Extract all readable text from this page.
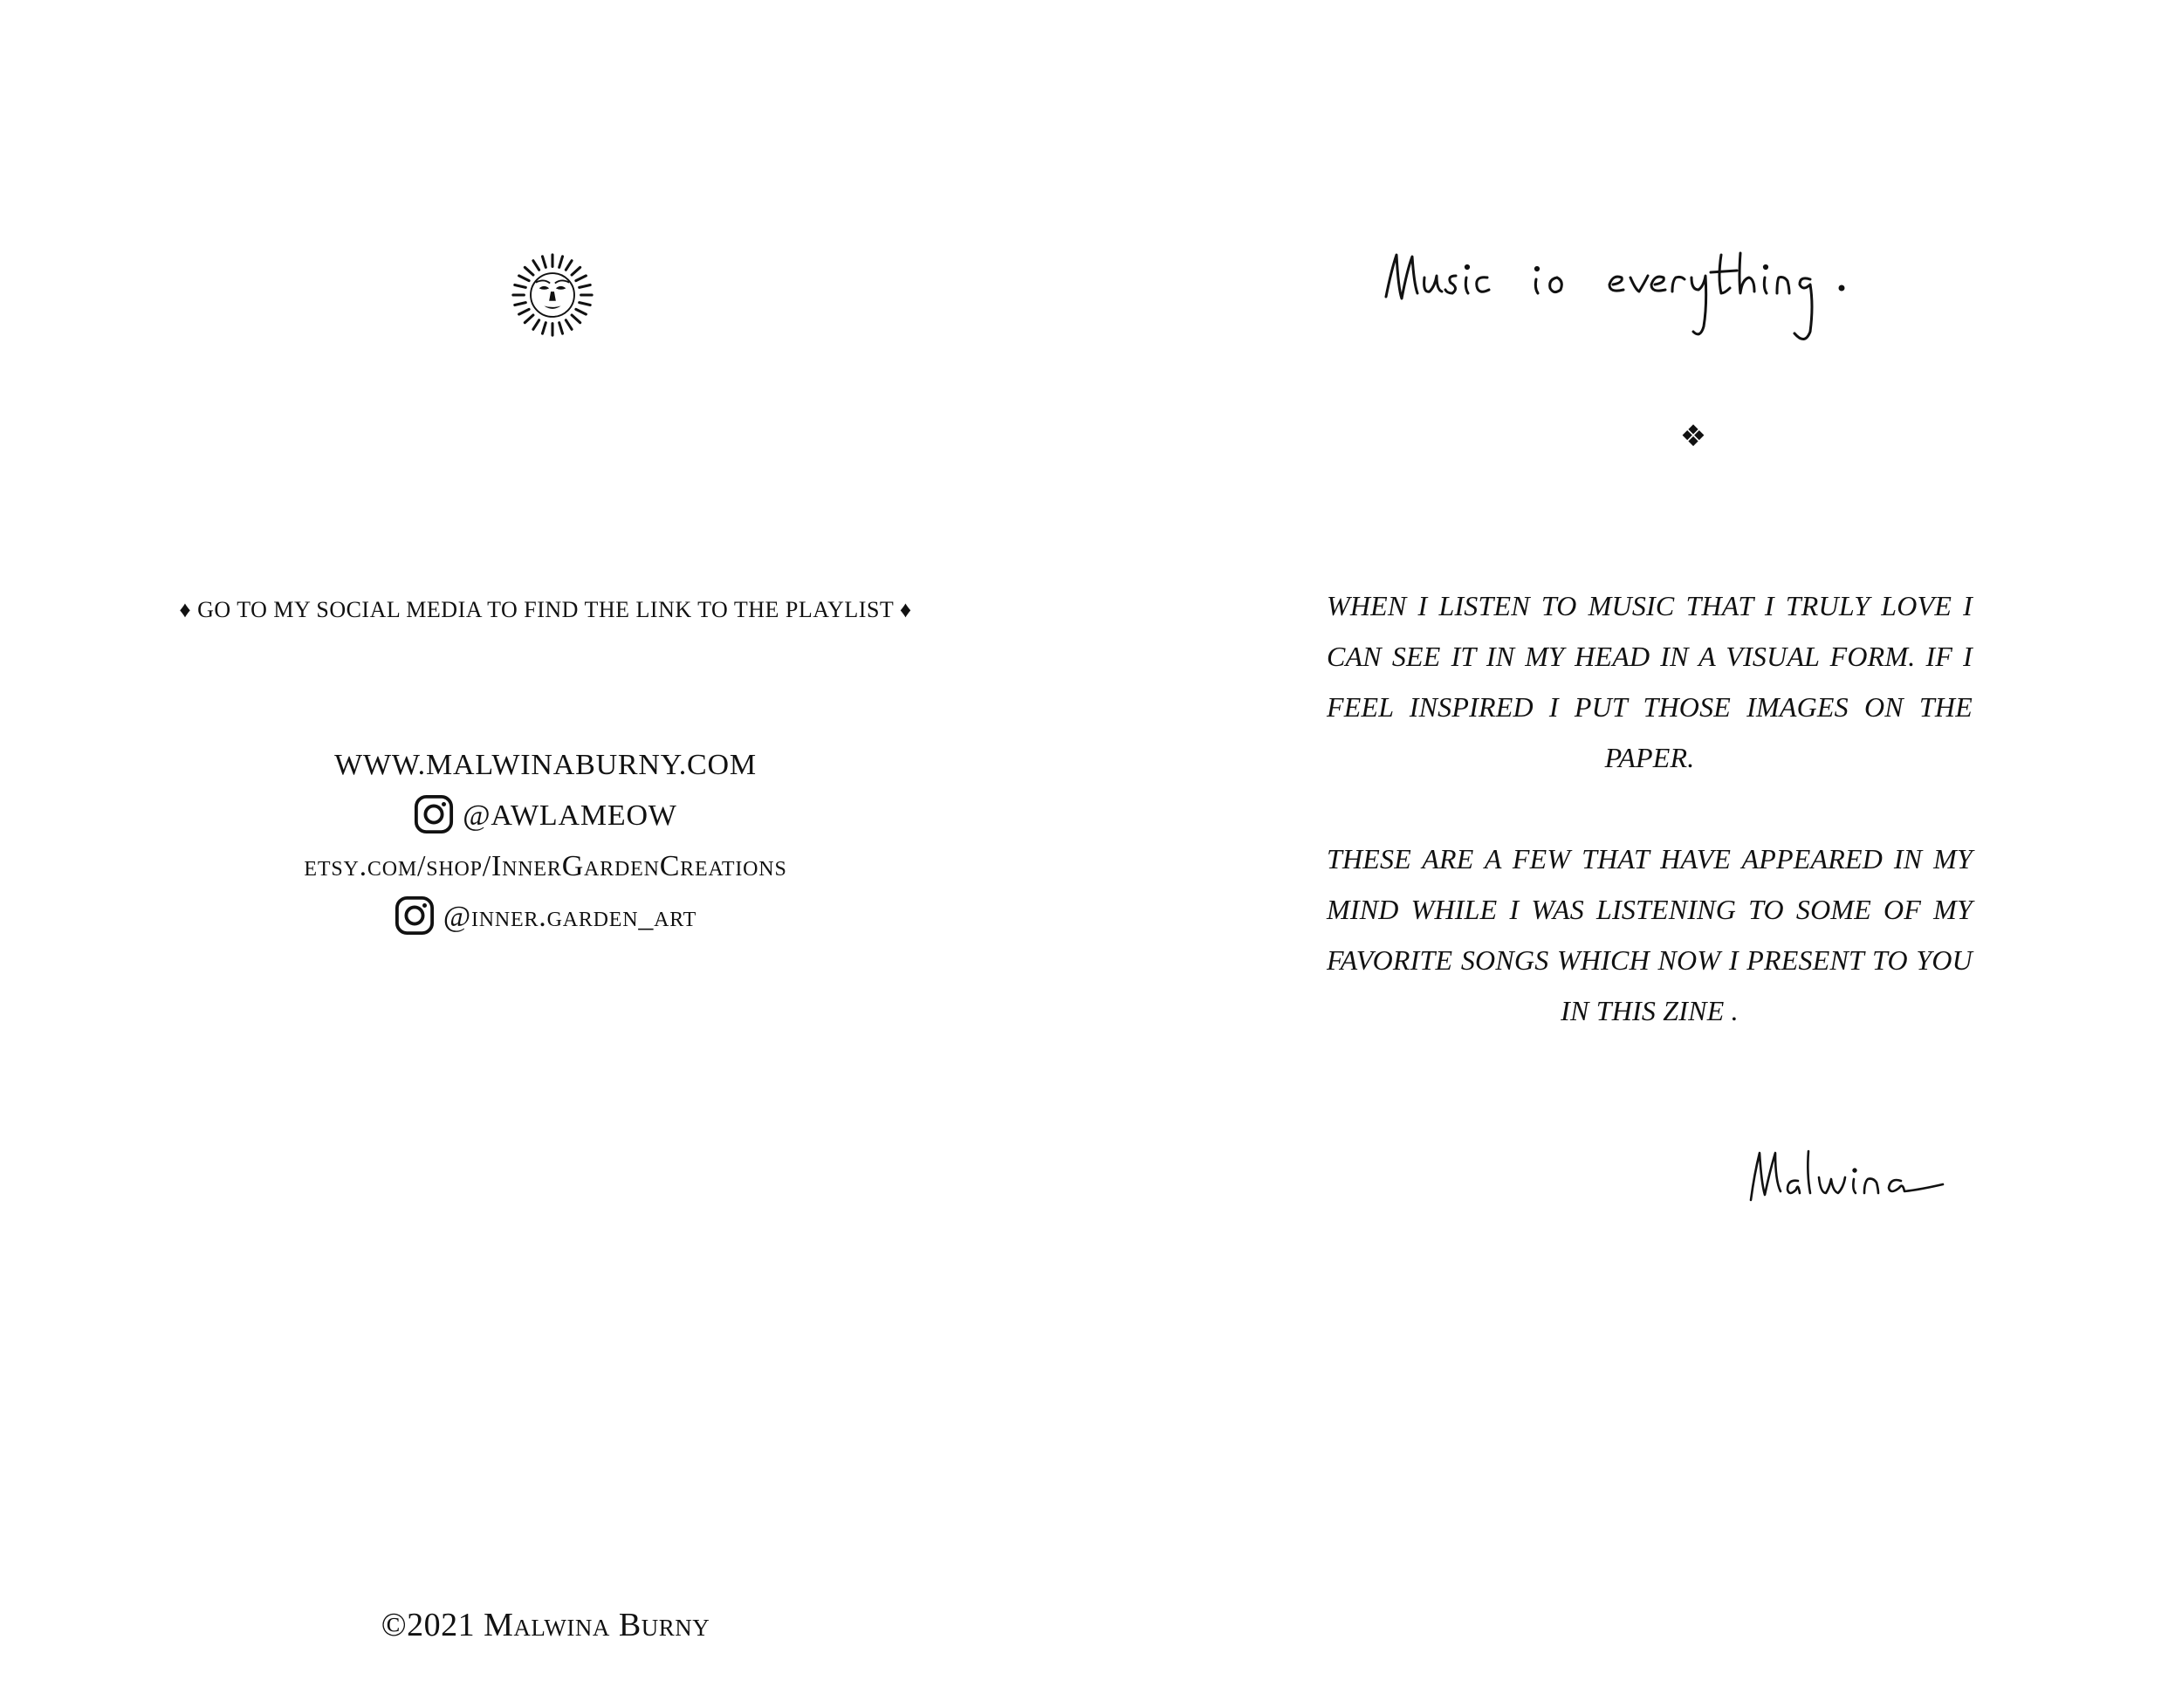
♦ GO TO MY SOCIAL MEDIA TO FIND THE LINK TO THE PLAYLIST ♦
WWW.MALWINABURNY.COM
@AWLAMEOW
etsy.com/shop/InnerGardenCreations
@inner.garden_art
©2021 Malwina Burny
❖

WHEN I LISTEN TO MUSIC THAT I TRULY LOVE I CAN SEE IT IN MY HEAD IN A VISUAL FORM. IF I FEEL INSPIRED I PUT THOSE IMAGES ON THE PAPER.

THESE ARE A FEW THAT HAVE APPEARED IN MY MIND WHILE I WAS LISTENING TO SOME OF MY FAVORITE SONGS WHICH NOW I PRESENT TO YOU IN THIS ZINE .
